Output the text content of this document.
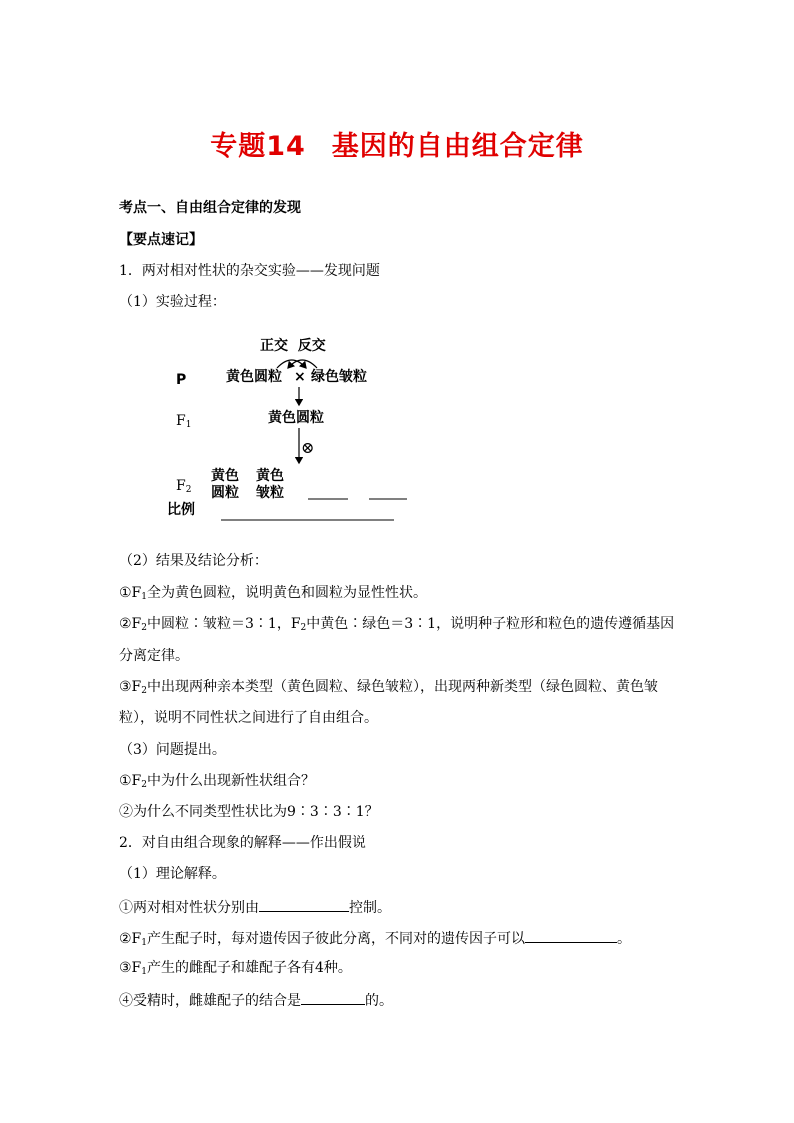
专题14 基因的自由组合定律
考点一、自由组合定律的发现
【要点速记】
1．两对相对性状的杂交实验——发现问题
（1）实验过程：
正交  反交
P	黄色圆粒 × 绿色皱粒
$F_1$	黄色圆粒
⊗
$F_2$
黄色
圆粒
黄色
皱粒
比例
（2）结果及结论分析：
$①F_1$全为黄色圆粒，说明黄色和圆粒为显性性状。
$②F_2$中圆粒∶皱粒＝3∶1，$F_2$中黄色∶绿色＝3∶1，说明种子粒形和粒色的遗传遵循基因
分离定律。
$③F_2$中出现两种亲本类型（黄色圆粒、绿色皱粒），出现两种新类型（绿色圆粒、黄色皱
粒），说明不同性状之间进行了自由组合。
（3）问题提出。
$①F_2$中为什么出现新性状组合？
②为什么不同类型性状比为9∶3∶3∶1？
2．对自由组合现象的解释——作出假说
（1）理论解释。
①两对相对性状分别由	控制。
$②F_1$产生配子时，每对遗传因子彼此分离，不同对的遗传因子可以	。
$③F_1$产生的雌配子和雄配子各有4种。
④受精时，雌雄配子的结合是	的。
